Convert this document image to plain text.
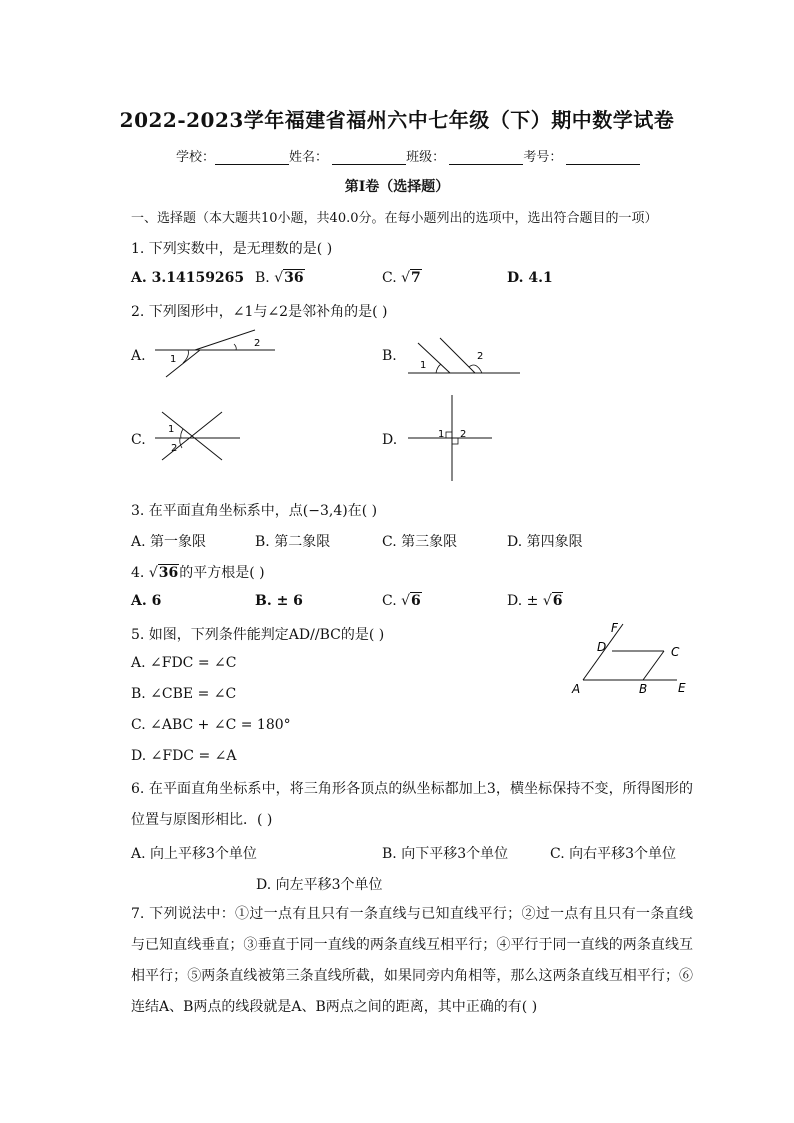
2022-2023学年福建省福州六中七年级（下）期中数学试卷
学校：	姓名：	班级：	考号：
第Ⅰ卷（选择题）
一、选择题（本大题共10小题，共40.0分。在每小题列出的选项中，选出符合题目的一项）
1. 下列实数中，是无理数的是( )
A. 3.14159265 B. √36	C. √7	D. 4.1
2. 下列图形中，∠1与∠2是邻补角的是( )
A.	B.
C.	D.
1
2
1
2
1
2
1 2
3. 在平面直角坐标系中，点(−3,4)在( )
A. 第一象限	B. 第二象限	C. 第三象限	D. 第四象限
4. √36的平方根是( )
A. 6	B. ± 6	C. √6	D. ± √6
5. 如图，下列条件能判定AD//BC的是( )
A. ∠FDC = ∠C
B. ∠CBE = ∠C
C. ∠ABC + ∠C = 180°
D. ∠FDC = ∠A
F
D	C
A	B	E
6. 在平面直角坐标系中，将三角形各顶点的纵坐标都加上3，横坐标保持不变，所得图形的位置与原图形相比．( )
A. 向上平移3个单位	B. 向下平移3个单位	C. 向右平移3个单位
D. 向左平移3个单位
7. 下列说法中：①过一点有且只有一条直线与已知直线平行；②过一点有且只有一条直线与已知直线垂直；③垂直于同一直线的两条直线互相平行；④平行于同一直线的两条直线互相平行；⑤两条直线被第三条直线所截，如果同旁内角相等，那么这两条直线互相平行；⑥连结A、B两点的线段就是A、B两点之间的距离，其中正确的有( )
